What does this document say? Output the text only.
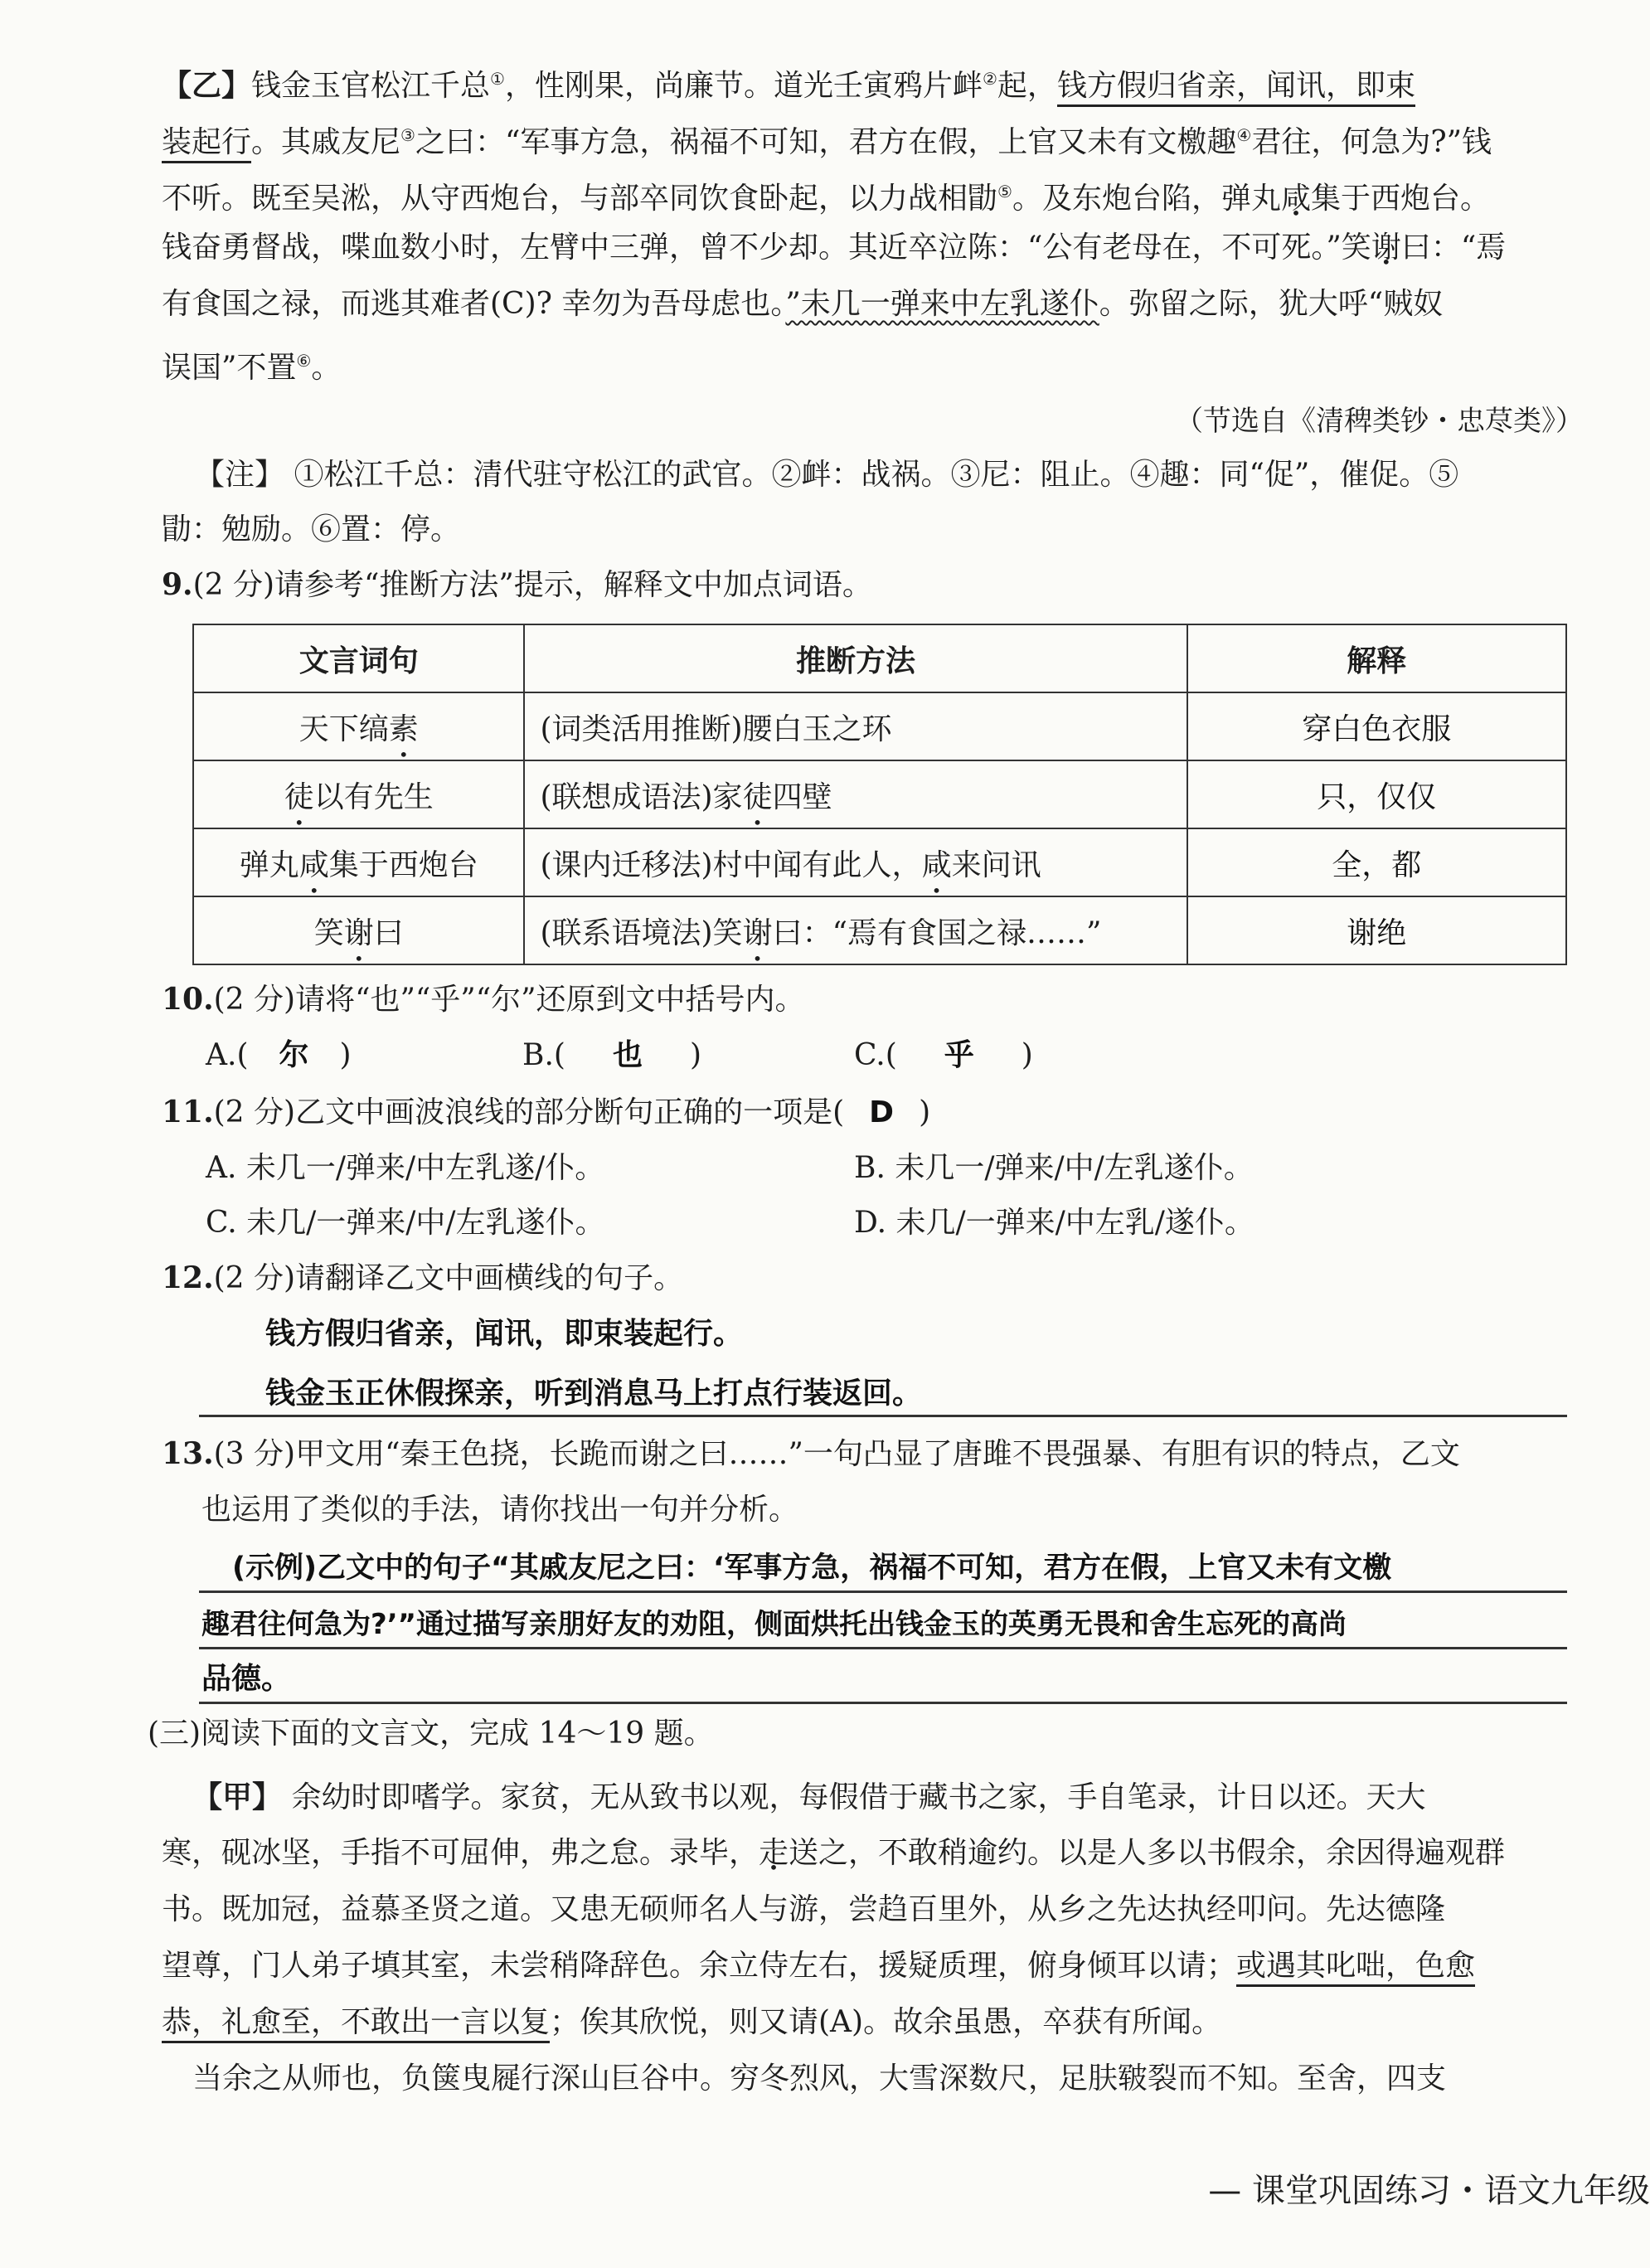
【乙】钱金玉官松江千总①，性刚果，尚廉节。道光壬寅鸦片衅②起，钱方假归省亲，闻讯，即束
装起行。其戚友尼③之曰：“军事方急，祸福不可知，君方在假，上官又未有文檄趣④君往，何急为?”钱
不听。既至吴淞，从守西炮台，与部卒同饮食卧起，以力战相勖⑤。及东炮台陷，弹丸咸集于西炮台。
钱奋勇督战，喋血数小时，左臂中三弹，曾不少却。其近卒泣陈：“公有老母在，不可死。”笑谢曰：“焉
有食国之禄，而逃其难者(C)? 幸勿为吾母虑也。”未几一弹来中左乳遂仆。弥留之际，犹大呼“贼奴
误国”不置⑥。
（节选自《清稗类钞・忠荩类》）
【注】 ①松江千总：清代驻守松江的武官。②衅：战祸。③尼：阻止。④趣：同“促”，催促。⑤
勖：勉励。⑥置：停。
9.(2 分)请参考“推断方法”提示，解释文中加点词语。
文言词句	推断方法	解释
天下缟素	(词类活用推断)腰白玉之环	穿白色衣服
徒以有先生	(联想成语法)家徒四壁	只，仅仅
弹丸咸集于西炮台	(课内迁移法)村中闻有此人，咸来问讯	全，都
笑谢曰	(联系语境法)笑谢曰：“焉有食国之禄……”	谢绝
10.(2 分)请将“也”“乎”“尔”还原到文中括号内。
A.( 尔 )	B.( 也 )	C.( 乎 )
11.(2 分)乙文中画波浪线的部分断句正确的一项是( D )
A. 未几一/弹来/中左乳遂/仆。	B. 未几一/弹来/中/左乳遂仆。
C. 未几/一弹来/中/左乳遂仆。	D. 未几/一弹来/中左乳/遂仆。
12.(2 分)请翻译乙文中画横线的句子。
钱方假归省亲，闻讯，即束装起行。
钱金玉正休假探亲，听到消息马上打点行装返回。
13.(3 分)甲文用“秦王色挠，长跪而谢之曰……”一句凸显了唐雎不畏强暴、有胆有识的特点，乙文
也运用了类似的手法，请你找出一句并分析。
(示例)乙文中的句子“其戚友尼之曰：‘军事方急，祸福不可知，君方在假，上官又未有文檄
趣君往何急为?’”通过描写亲朋好友的劝阻，侧面烘托出钱金玉的英勇无畏和舍生忘死的高尚
品德。
(三)阅读下面的文言文，完成 14～19 题。
【甲】 余幼时即嗜学。家贫，无从致书以观，每假借于藏书之家，手自笔录，计日以还。天大
寒，砚冰坚，手指不可屈伸，弗之怠。录毕，走送之，不敢稍逾约。以是人多以书假余，余因得遍观群
书。既加冠，益慕圣贤之道。又患无硕师名人与游，尝趋百里外，从乡之先达执经叩问。先达德隆
望尊，门人弟子填其室，未尝稍降辞色。余立侍左右，援疑质理，俯身倾耳以请；或遇其叱咄，色愈
恭，礼愈至，不敢出一言以复；俟其欣悦，则又请(A)。故余虽愚，卒获有所闻。
当余之从师也，负箧曳屣行深山巨谷中。穷冬烈风，大雪深数尺，足肤皲裂而不知。至舍，四支
— 课堂巩固练习・语文九年级
